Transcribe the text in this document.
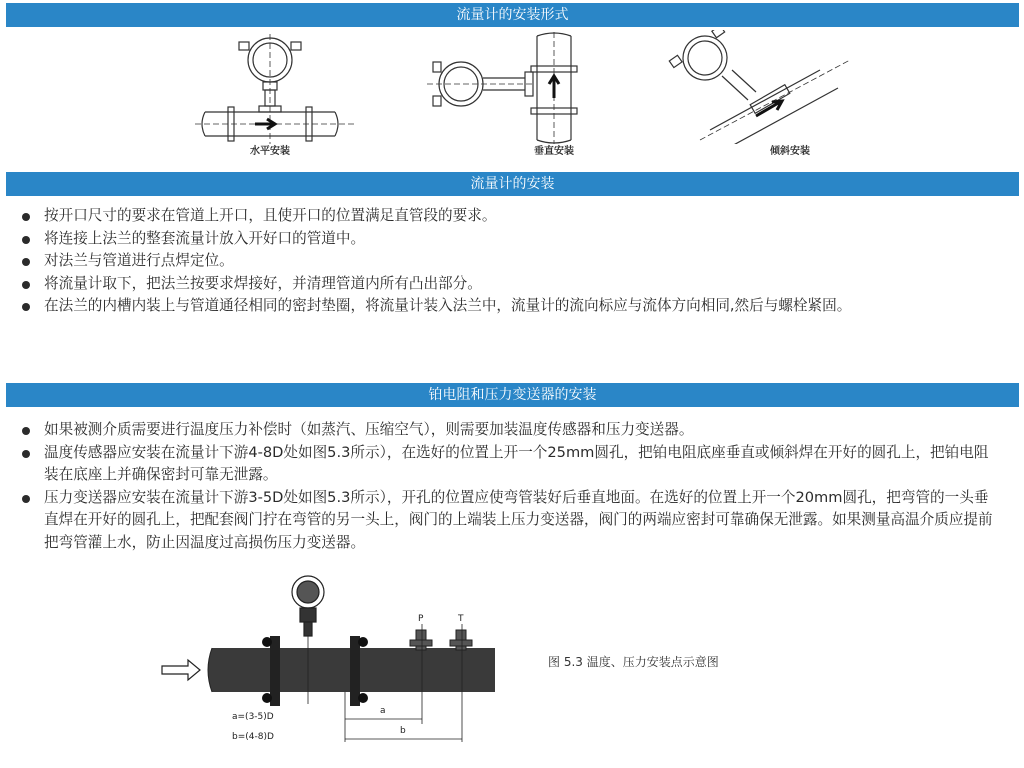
流量计的安装形式
水平安装	垂直安装	倾斜安装
流量计的安装
按开口尺寸的要求在管道上开口，且使开口的位置满足直管段的要求。
将连接上法兰的整套流量计放入开好口的管道中。
对法兰与管道进行点焊定位。
将流量计取下，把法兰按要求焊接好，并清理管道内所有凸出部分。
在法兰的内槽内装上与管道通径相同的密封垫圈，将流量计装入法兰中，流量计的流向标应与流体方向相同,然后与螺栓紧固。
铂电阻和压力变送器的安装
如果被测介质需要进行温度压力补偿时（如蒸汽、压缩空气），则需要加装温度传感器和压力变送器。
温度传感器应安装在流量计下游4-8D处如图5.3所示），在选好的位置上开一个25mm圆孔，把铂电阻底座垂直或倾斜焊在开好的圆孔上，把铂电阻装在底座上并确保密封可靠无泄露。
压力变送器应安装在流量计下游3-5D处如图5.3所示），开孔的位置应使弯管装好后垂直地面。在选好的位置上开一个20mm圆孔，把弯管的一头垂直焊在开好的圆孔上，把配套阀门拧在弯管的另一头上，阀门的上端装上压力变送器，阀门的两端应密封可靠确保无泄露。如果测量高温介质应提前把弯管灌上水，防止因温度过高损伤压力变送器。
P	T
a
b
a=(3-5)D
b=(4-8)D
图 5.3 温度、压力安装点示意图
